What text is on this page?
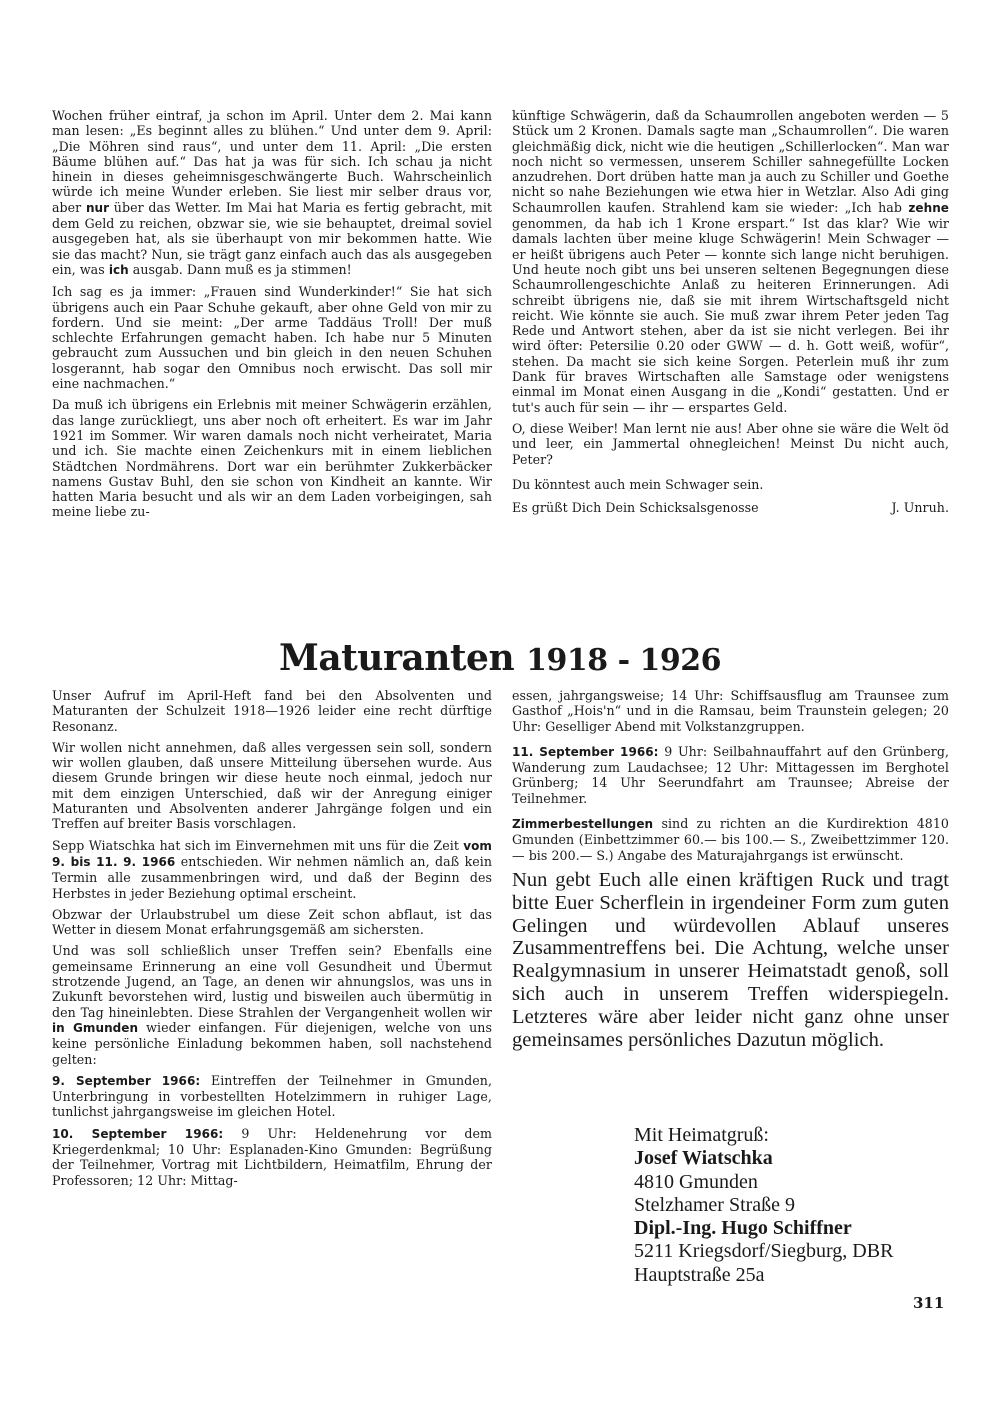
Wochen früher eintraf, ja schon im April. Unter dem 2. Mai kann man lesen: „Es beginnt alles zu blühen.“ Und unter dem 9. April: „Die Möhren sind raus“, und unter dem 11. April: „Die ersten Bäume blühen auf.“ Das hat ja was für sich. Ich schau ja nicht hinein in dieses geheimnisgeschwängerte Buch. Wahrscheinlich würde ich meine Wunder erleben. Sie liest mir selber draus vor, aber nur über das Wetter. Im Mai hat Maria es fertig gebracht, mit dem Geld zu reichen, obzwar sie, wie sie behauptet, dreimal soviel ausgegeben hat, als sie überhaupt von mir bekommen hatte. Wie sie das macht? Nun, sie trägt ganz einfach auch das als ausgegeben ein, was ich ausgab. Dann muß es ja stimmen!

Ich sag es ja immer: „Frauen sind Wunderkinder!“ Sie hat sich übrigens auch ein Paar Schuhe gekauft, aber ohne Geld von mir zu fordern. Und sie meint: „Der arme Taddäus Troll! Der muß schlechte Erfahrungen gemacht haben. Ich habe nur 5 Minuten gebraucht zum Aussuchen und bin gleich in den neuen Schuhen losgerannt, hab sogar den Omnibus noch erwischt. Das soll mir eine nachmachen.“

Da muß ich übrigens ein Erlebnis mit meiner Schwägerin erzählen, das lange zurückliegt, uns aber noch oft erheitert. Es war im Jahr 1921 im Sommer. Wir waren damals noch nicht verheiratet, Maria und ich. Sie machte einen Zeichenkurs mit in einem lieblichen Städtchen Nordmährens. Dort war ein berühmter Zukkerbäcker namens Gustav Buhl, den sie schon von Kindheit an kannte. Wir hatten Maria besucht und als wir an dem Laden vorbeigingen, sah meine liebe zu-

künftige Schwägerin, daß da Schaumrollen angeboten werden — 5 Stück um 2 Kronen. Damals sagte man „Schaumrollen“. Die waren gleichmäßig dick, nicht wie die heutigen „Schillerlocken“. Man war noch nicht so vermessen, unserem Schiller sahnegefüllte Locken anzudrehen. Dort drüben hatte man ja auch zu Schiller und Goethe nicht so nahe Beziehungen wie etwa hier in Wetzlar. Also Adi ging Schaumrollen kaufen. Strahlend kam sie wieder: „Ich hab zehne genommen, da hab ich 1 Krone erspart.“ Ist das klar? Wie wir damals lachten über meine kluge Schwägerin! Mein Schwager — er heißt übrigens auch Peter — konnte sich lange nicht beruhigen. Und heute noch gibt uns bei unseren seltenen Begegnungen diese Schaumrollengeschichte Anlaß zu heiteren Erinnerungen. Adi schreibt übrigens nie, daß sie mit ihrem Wirtschaftsgeld nicht reicht. Wie könnte sie auch. Sie muß zwar ihrem Peter jeden Tag Rede und Antwort stehen, aber da ist sie nicht verlegen. Bei ihr wird öfter: Petersilie 0.20 oder GWW — d. h. Gott weiß, wofür“, stehen. Da macht sie sich keine Sorgen. Peterlein muß ihr zum Dank für braves Wirtschaften alle Samstage oder wenigstens einmal im Monat einen Ausgang in die „Kondi“ gestatten. Und er tut's auch für sein — ihr — erspartes Geld.

O, diese Weiber! Man lernt nie aus! Aber ohne sie wäre die Welt öd und leer, ein Jammertal ohnegleichen! Meinst Du nicht auch, Peter?

Du könntest auch mein Schwager sein.

Es grüßt Dich Dein Schicksalsgenosse	J. Unruh.
Maturanten 1918 - 1926

Unser Aufruf im April-Heft fand bei den Absolventen und Maturanten der Schulzeit 1918—1926 leider eine recht dürftige Resonanz.

Wir wollen nicht annehmen, daß alles vergessen sein soll, sondern wir wollen glauben, daß unsere Mitteilung übersehen wurde. Aus diesem Grunde bringen wir diese heute noch einmal, jedoch nur mit dem einzigen Unterschied, daß wir der Anregung einiger Maturanten und Absolventen anderer Jahrgänge folgen und ein Treffen auf breiter Basis vorschlagen.

Sepp Wiatschka hat sich im Einvernehmen mit uns für die Zeit vom 9. bis 11. 9. 1966 entschieden. Wir nehmen nämlich an, daß kein Termin alle zusammenbringen wird, und daß der Beginn des Herbstes in jeder Beziehung optimal erscheint.

Obzwar der Urlaubstrubel um diese Zeit schon abflaut, ist das Wetter in diesem Monat erfahrungsgemäß am sichersten.

Und was soll schließlich unser Treffen sein? Ebenfalls eine gemeinsame Erinnerung an eine voll Gesundheit und Übermut strotzende Jugend, an Tage, an denen wir ahnungslos, was uns in Zukunft bevorstehen wird, lustig und bisweilen auch übermütig in den Tag hineinlebten. Diese Strahlen der Vergangenheit wollen wir in Gmunden wieder einfangen. Für diejenigen, welche von uns keine persönliche Einladung bekommen haben, soll nachstehend gelten:

9. September 1966: Eintreffen der Teilnehmer in Gmunden, Unterbringung in vorbestellten Hotelzimmern in ruhiger Lage, tunlichst jahrgangsweise im gleichen Hotel.

10. September 1966: 9 Uhr: Heldenehrung vor dem Kriegerdenkmal; 10 Uhr: Esplanaden-Kino Gmunden: Begrüßung der Teilnehmer, Vortrag mit Lichtbildern, Heimatfilm, Ehrung der Professoren; 12 Uhr: Mittag-

essen, jahrgangsweise; 14 Uhr: Schiffsausflug am Traunsee zum Gasthof „Hois'n“ und in die Ramsau, beim Traunstein gelegen; 20 Uhr: Geselliger Abend mit Volkstanzgruppen.

11. September 1966: 9 Uhr: Seilbahnauffahrt auf den Grünberg, Wanderung zum Laudachsee; 12 Uhr: Mittagessen im Berghotel Grünberg; 14 Uhr Seerundfahrt am Traunsee; Abreise der Teilnehmer.

Zimmerbestellungen sind zu richten an die Kurdirektion 4810 Gmunden (Einbettzimmer 60.— bis 100.— S., Zweibettzimmer 120.— bis 200.— S.) Angabe des Maturajahrgangs ist erwünscht.

Nun gebt Euch alle einen kräftigen Ruck und tragt bitte Euer Scherflein in irgendeiner Form zum guten Gelingen und würdevollen Ablauf unseres Zusammentreffens bei. Die Achtung, welche unser Realgymnasium in unserer Heimatstadt genoß, soll sich auch in unserem Treffen widerspiegeln. Letzteres wäre aber leider nicht ganz ohne unser gemeinsames persönliches Dazutun möglich.

Mit Heimatgruß:
Josef Wiatschka
4810 Gmunden
Stelzhamer Straße 9
Dipl.-Ing. Hugo Schiffner
5211 Kriegsdorf/Siegburg, DBR
Hauptstraße 25a
311
